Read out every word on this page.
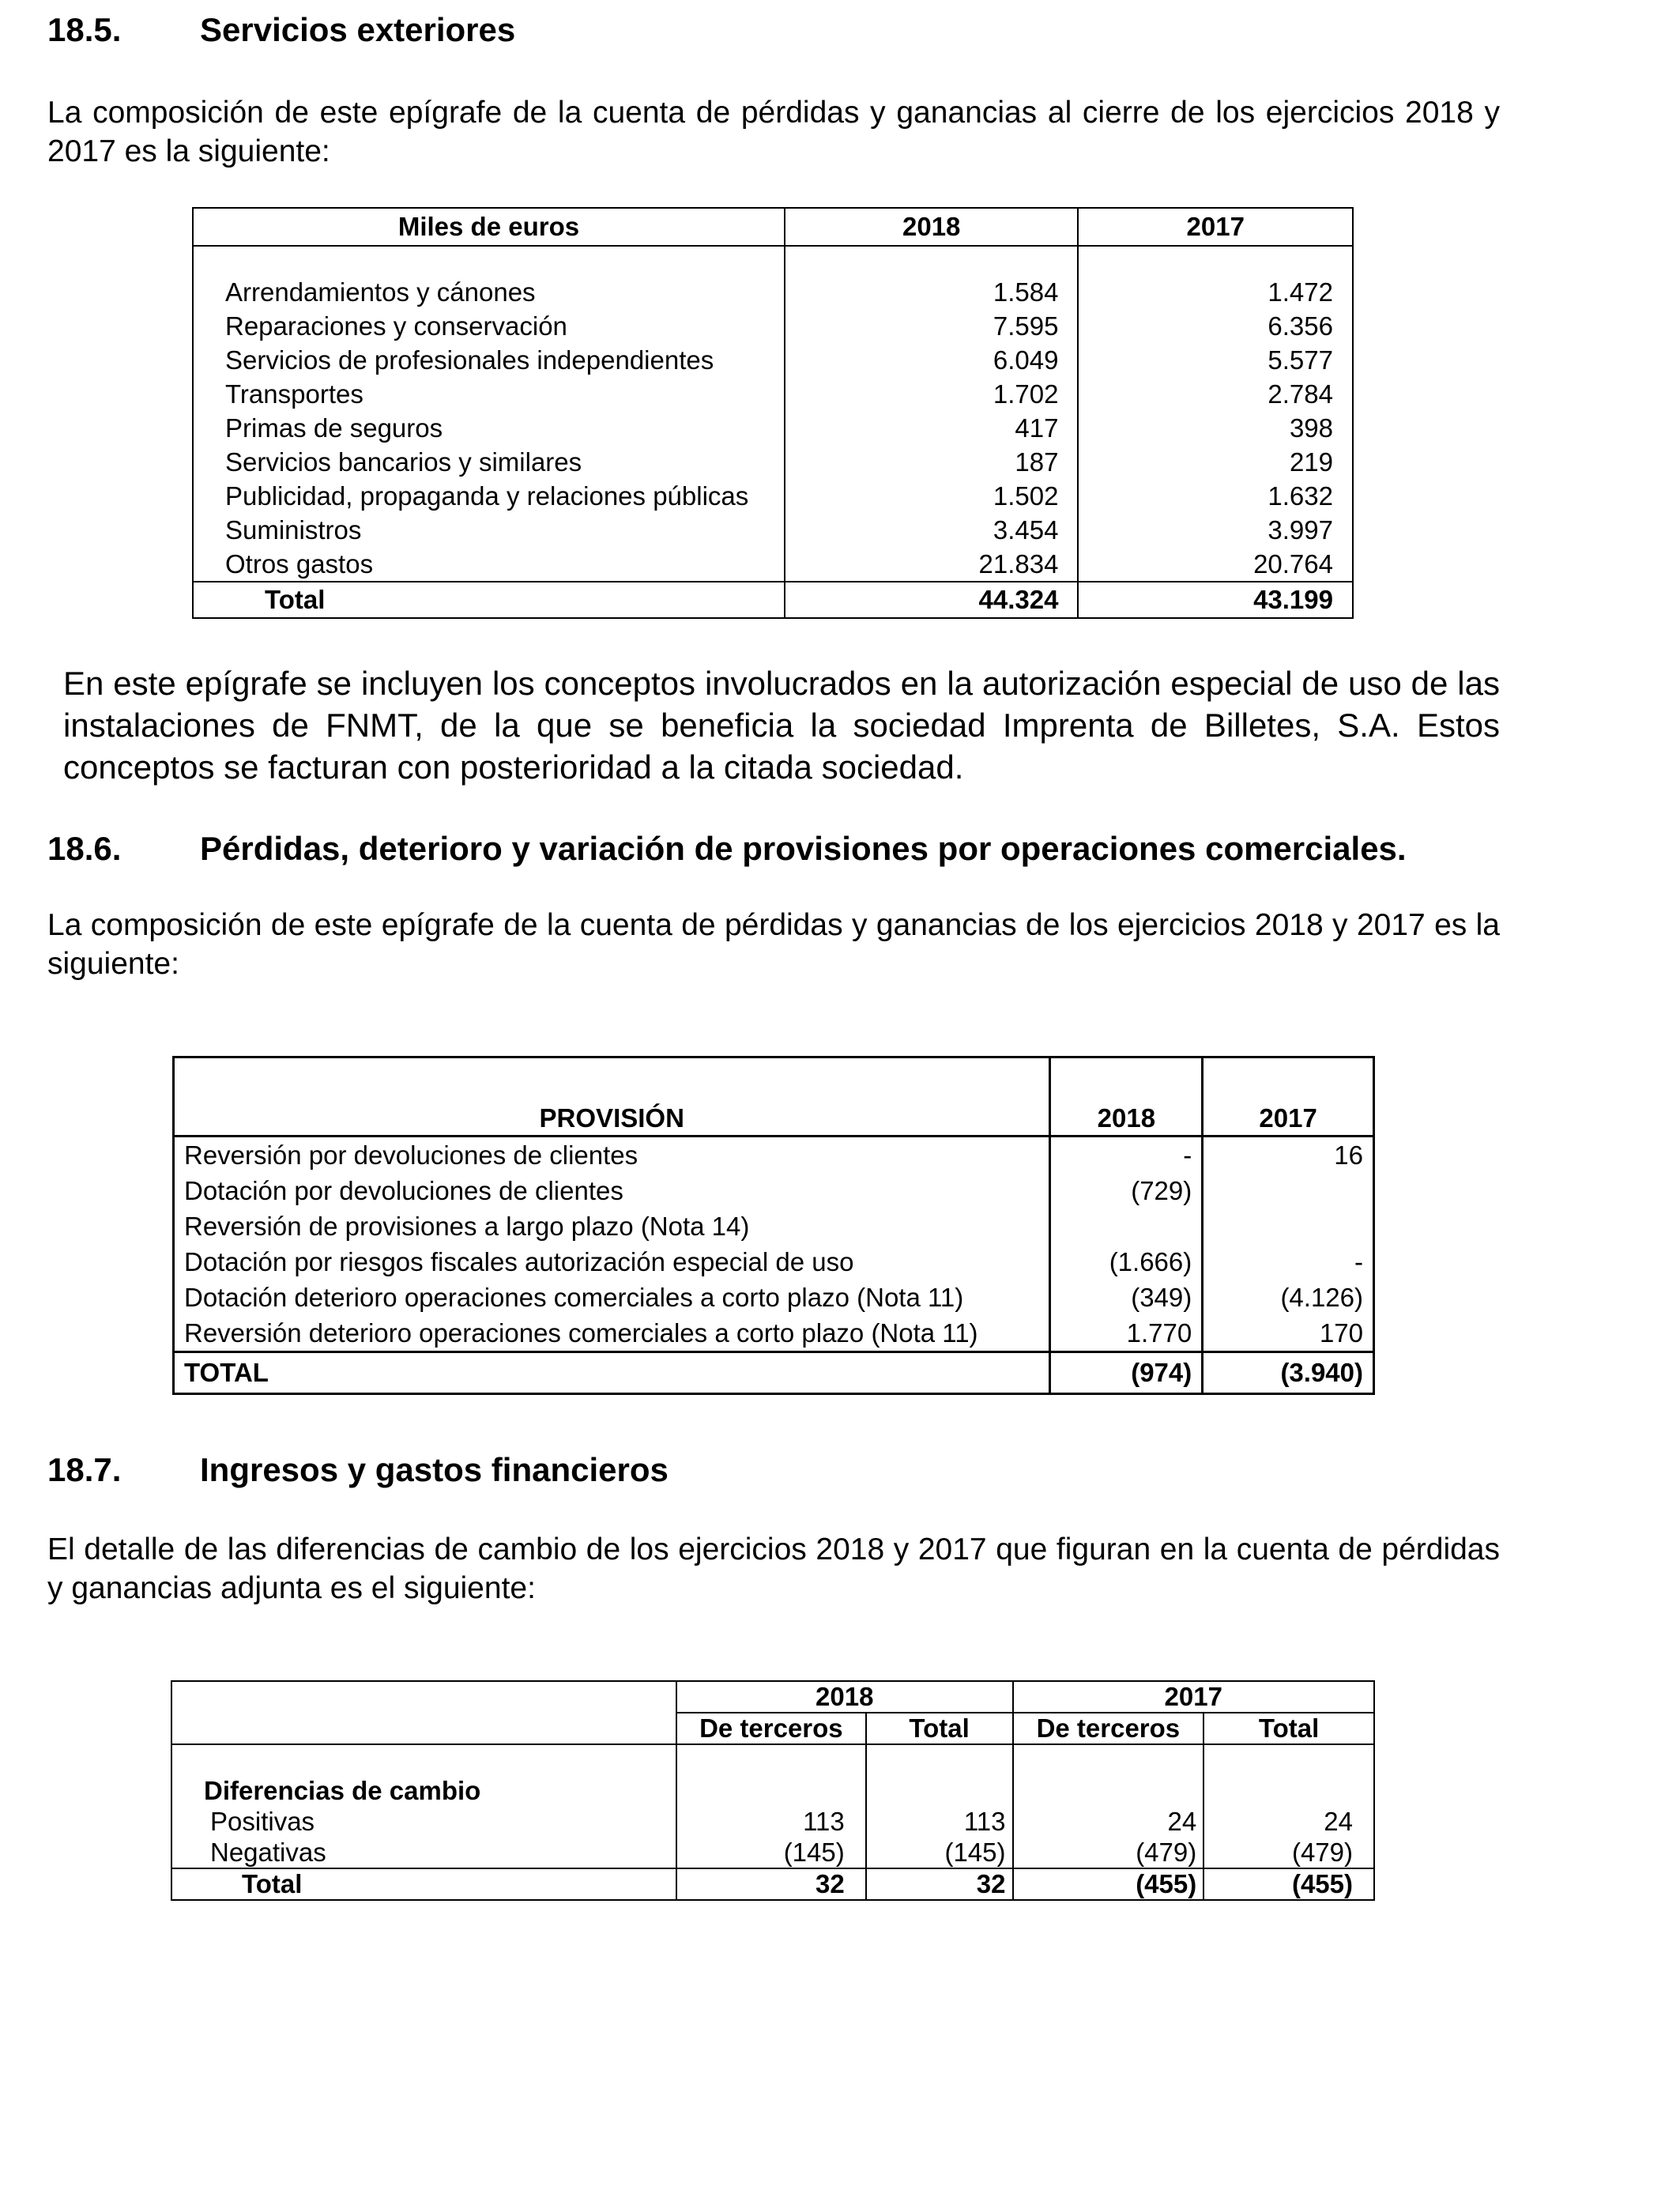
18.5. Servicios exteriores
La composición de este epígrafe de la cuenta de pérdidas y ganancias al cierre de los ejercicios 2018 y 2017 es la siguiente:
Miles de euros	2018	2017

Arrendamientos y cánones	1.584	1.472
Reparaciones y conservación	7.595	6.356
Servicios de profesionales independientes	6.049	5.577
Transportes	1.702	2.784
Primas de seguros	417	398
Servicios bancarios y similares	187	219
Publicidad, propaganda y relaciones públicas	1.502	1.632
Suministros	3.454	3.997
Otros gastos	21.834	20.764
Total	44.324	43.199
En este epígrafe se incluyen los conceptos involucrados en la autorización especial de uso de las instalaciones de FNMT, de la que se beneficia la sociedad Imprenta de Billetes, S.A. Estos conceptos se facturan con posterioridad a la citada sociedad.
18.6. Pérdidas, deterioro y variación de provisiones por operaciones comerciales.
La composición de este epígrafe de la cuenta de pérdidas y ganancias de los ejercicios 2018 y 2017 es la siguiente:
PROVISIÓN	2018	2017
Reversión por devoluciones de clientes	-	16
Dotación por devoluciones de clientes	(729)	
Reversión de provisiones a largo plazo (Nota 14)		
Dotación por riesgos fiscales autorización especial de uso	(1.666)	-
Dotación deterioro operaciones comerciales a corto plazo (Nota 11)	(349)	(4.126)
Reversión deterioro operaciones comerciales a corto plazo (Nota 11)	1.770	170
TOTAL	(974)	(3.940)
18.7. Ingresos y gastos financieros
El detalle de las diferencias de cambio de los ejercicios 2018 y 2017 que figuran en la cuenta de pérdidas y ganancias adjunta es el siguiente:
	2018		2017	
	De terceros	Total	De terceros	Total

Diferencias de cambio				
Positivas	113	113	24	24
Negativas	(145)	(145)	(479)	(479)
Total	32	32	(455)	(455)
